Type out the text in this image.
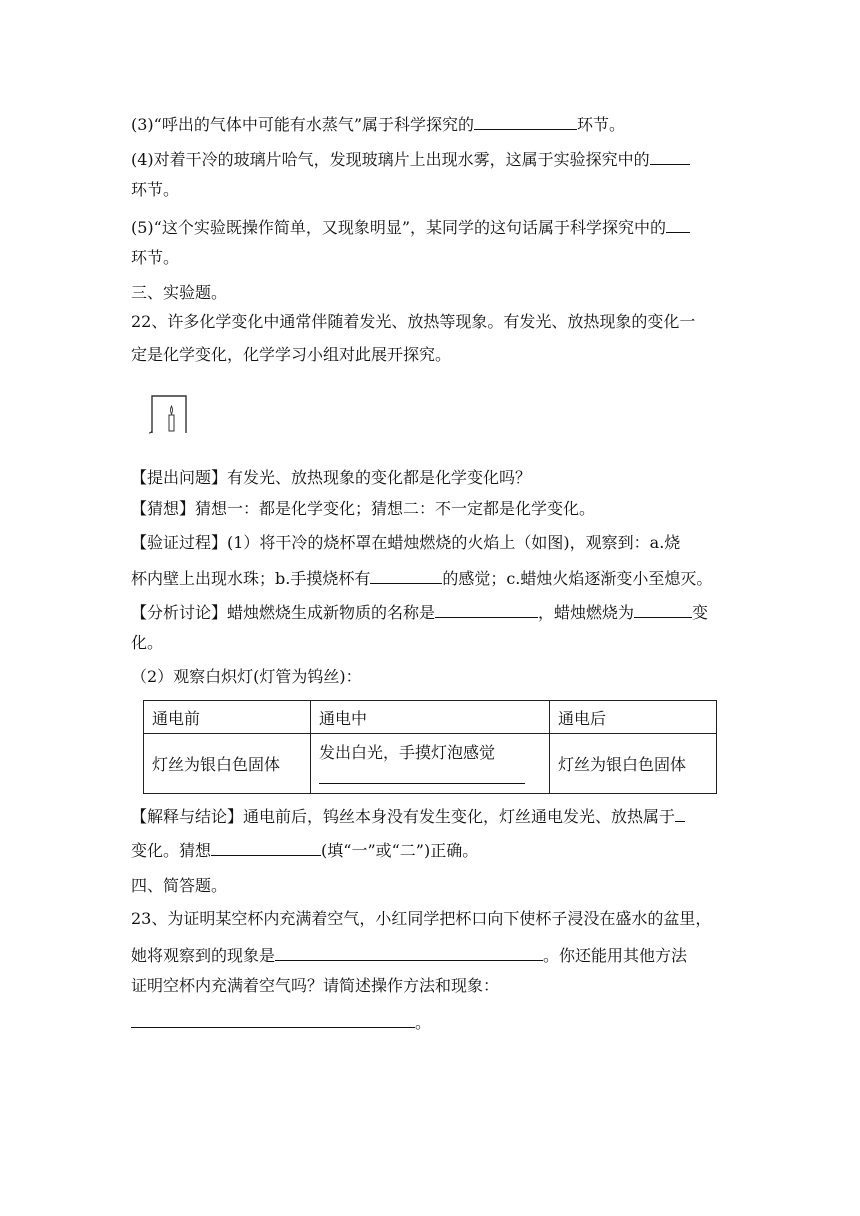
(3)“呼出的气体中可能有水蒸气”属于科学探究的	环节。
(4)对着干冷的玻璃片哈气，发现玻璃片上出现水雾，这属于实验探究中的
环节。
(5)“这个实验既操作简单，又现象明显”，某同学的这句话属于科学探究中的
环节。
三、实验题。
22、许多化学变化中通常伴随着发光、放热等现象。有发光、放热现象的变化一
定是化学变化，化学学习小组对此展开探究。
【提出问题】有发光、放热现象的变化都是化学变化吗？
【猜想】猜想一：都是化学变化；猜想二：不一定都是化学变化。
【验证过程】(1）将干冷的烧杯罩在蜡烛燃烧的火焰上（如图)，观察到：a.烧
杯内壁上出现水珠；b.手摸烧杯有	的感觉；c.蜡烛火焰逐渐变小至熄灭。
【分析讨论】蜡烛燃烧生成新物质的名称是	，蜡烛燃烧为	变
化。
（2）观察白炽灯(灯管为钨丝)：
通电前	通电中	通电后
灯丝为银白色固体	发出白光，手摸灯泡感觉	灯丝为银白色固体
【解释与结论】通电前后，钨丝本身没有发生变化，灯丝通电发光、放热属于
变化。猜想	(填“一”或“二”)正确。
四、简答题。
23、为证明某空杯内充满着空气，小红同学把杯口向下使杯子浸没在盛水的盆里，
她将观察到的现象是	。你还能用其他方法
证明空杯内充满着空气吗？请简述操作方法和现象：
。
